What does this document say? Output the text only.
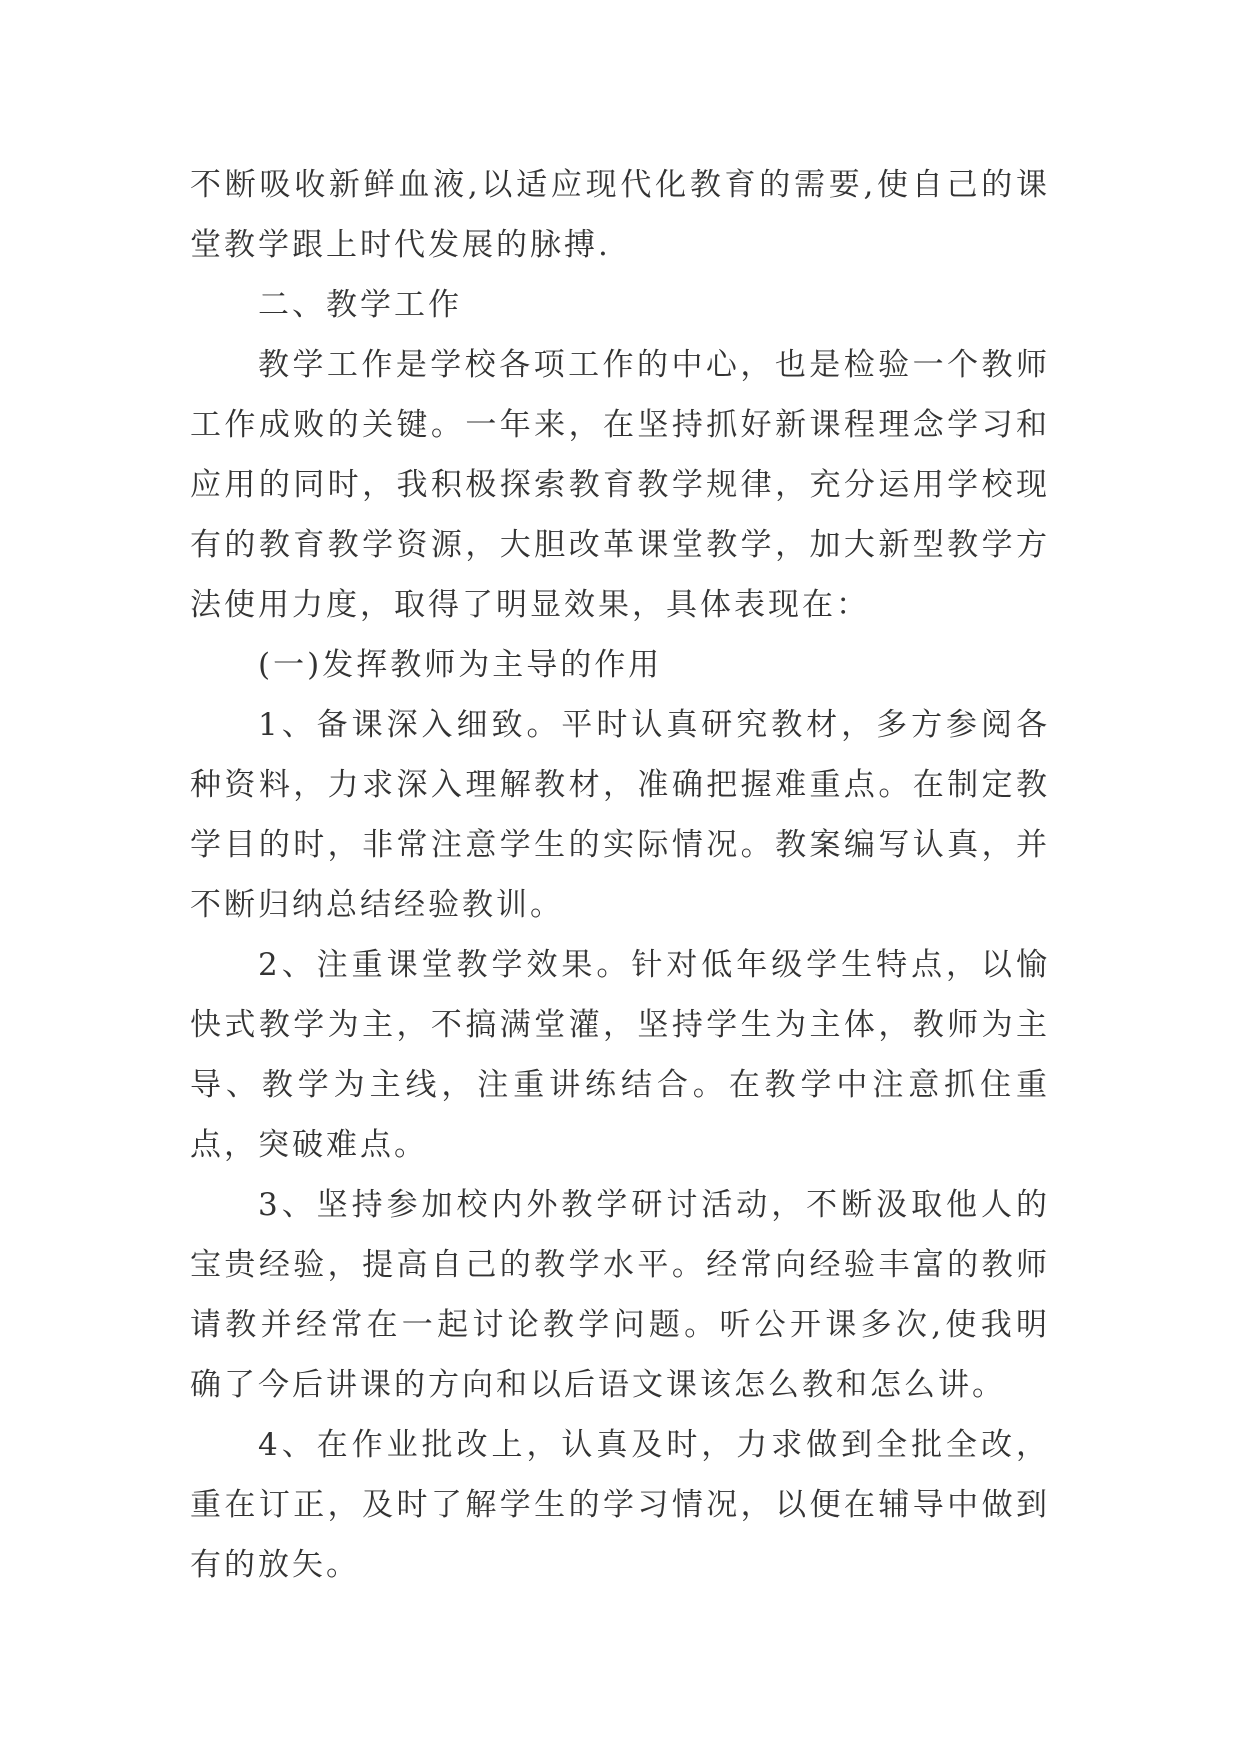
不断吸收新鲜血液,以适应现代化教育的需要,使自己的课堂教学跟上时代发展的脉搏.

二、教学工作

教学工作是学校各项工作的中心，也是检验一个教师工作成败的关键。一年来，在坚持抓好新课程理念学习和应用的同时，我积极探索教育教学规律，充分运用学校现有的教育教学资源，大胆改革课堂教学，加大新型教学方法使用力度，取得了明显效果，具体表现在：

(一)发挥教师为主导的作用

1、备课深入细致。平时认真研究教材，多方参阅各种资料，力求深入理解教材，准确把握难重点。在制定教学目的时，非常注意学生的实际情况。教案编写认真，并不断归纳总结经验教训。

2、注重课堂教学效果。针对低年级学生特点，以愉快式教学为主，不搞满堂灌，坚持学生为主体，教师为主导、教学为主线，注重讲练结合。在教学中注意抓住重点，突破难点。

3、坚持参加校内外教学研讨活动，不断汲取他人的宝贵经验，提高自己的教学水平。经常向经验丰富的教师请教并经常在一起讨论教学问题。听公开课多次,使我明确了今后讲课的方向和以后语文课该怎么教和怎么讲。

4、在作业批改上，认真及时，力求做到全批全改，重在订正，及时了解学生的学习情况，以便在辅导中做到有的放矢。
